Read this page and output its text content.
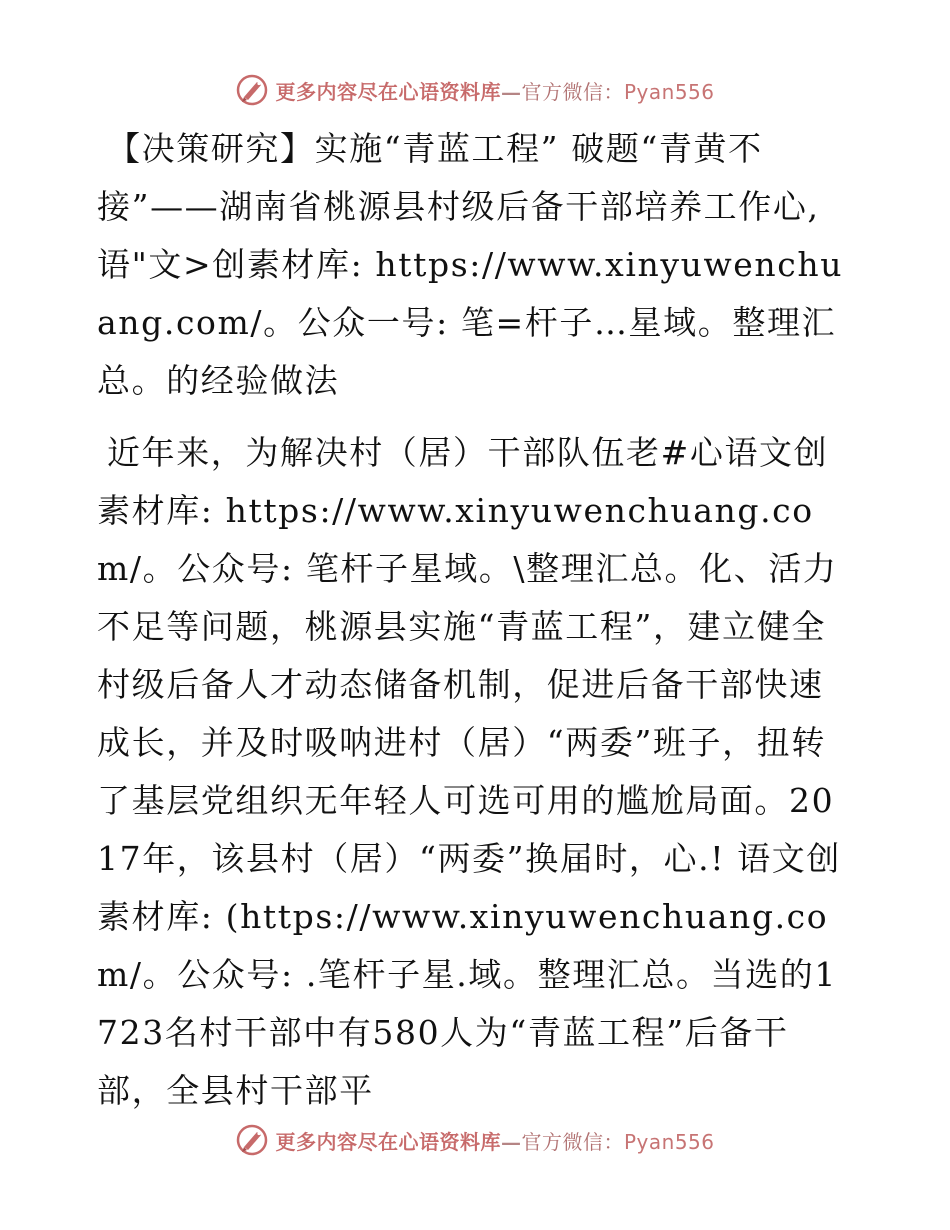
更多内容尽在心语资料库—官方微信：Pyan556

【决策研究】实施“青蓝工程” 破题“青黄不接”——湖南省桃源县村级后备干部培养工作心,语"文>创素材库: https://www.xinyuwenchuang.com/。公众一号: 笔=杆子…星域。整理汇总。的经验做法

近年来，为解决村（居）干部队伍老#心语文创素材库: https://www.xinyuwenchuang.com/。公众号: 笔杆子星域。\整理汇总。化、活力不足等问题，桃源县实施“青蓝工程”，建立健全村级后备人才动态储备机制，促进后备干部快速成长，并及时吸呐进村（居）“两委”班子，扭转了基层党组织无年轻人可选可用的尴尬局面。2017年，该县村（居）“两委”换届时，心.! 语文创素材库: (https://www.xinyuwenchuang.com/。公众号: .笔杆子星.域。整理汇总。当选的1723名村干部中有580人为“青蓝工程”后备干部，全县村干部平

更多内容尽在心语资料库—官方微信：Pyan556
